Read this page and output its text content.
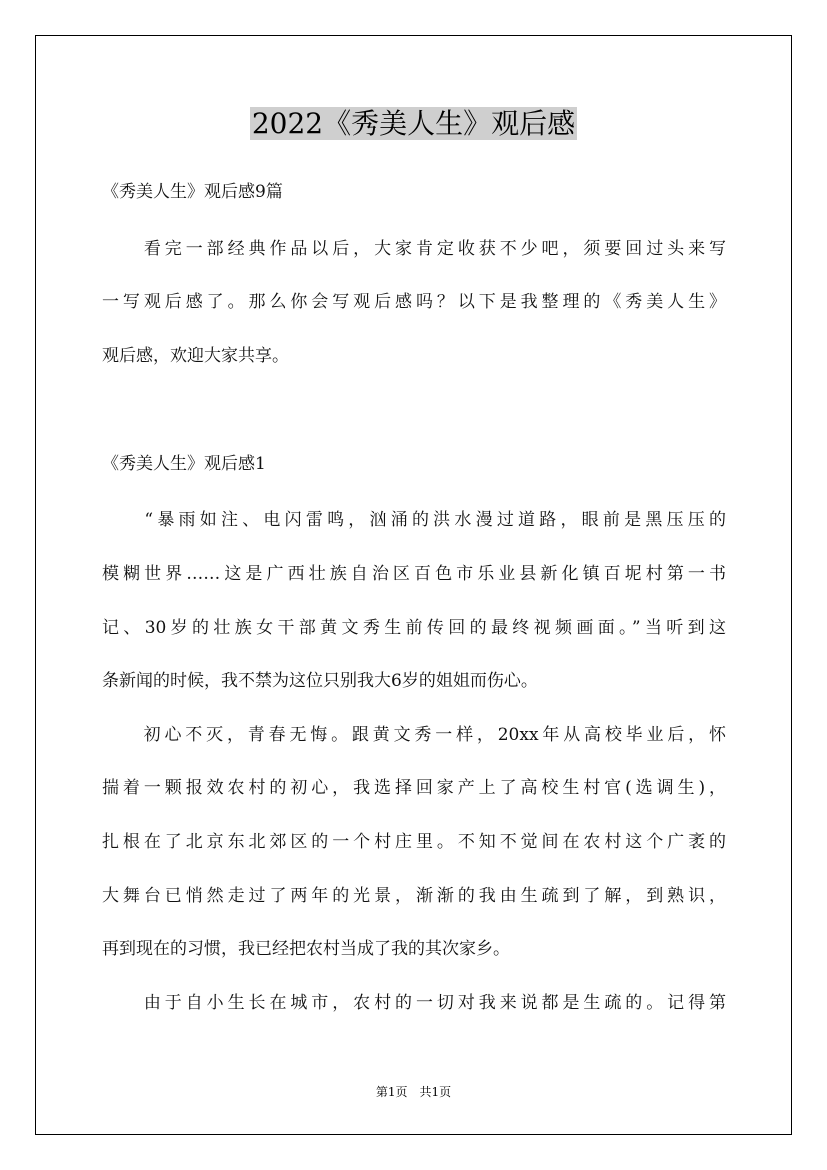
2022《秀美人生》观后感
《秀美人生》观后感9篇
　　看完一部经典作品以后，大家肯定收获不少吧，须要回过头来写
一写观后感了。那么你会写观后感吗？以下是我整理的《秀美人生》
观后感，欢迎大家共享。
《秀美人生》观后感1
　　“暴雨如注、电闪雷鸣，汹涌的洪水漫过道路，眼前是黑压压的
模糊世界……这是广西壮族自治区百色市乐业县新化镇百坭村第一书
记、30岁的壮族女干部黄文秀生前传回的最终视频画面。”当听到这
条新闻的时候，我不禁为这位只别我大6岁的姐姐而伤心。
　　初心不灭，青春无悔。跟黄文秀一样，20xx年从高校毕业后，怀
揣着一颗报效农村的初心，我选择回家产上了高校生村官(选调生)，
扎根在了北京东北郊区的一个村庄里。不知不觉间在农村这个广袤的
大舞台已悄然走过了两年的光景，渐渐的我由生疏到了解，到熟识，
再到现在的习惯，我已经把农村当成了我的其次家乡。
　　由于自小生长在城市，农村的一切对我来说都是生疏的。记得第
第1页　共1页
